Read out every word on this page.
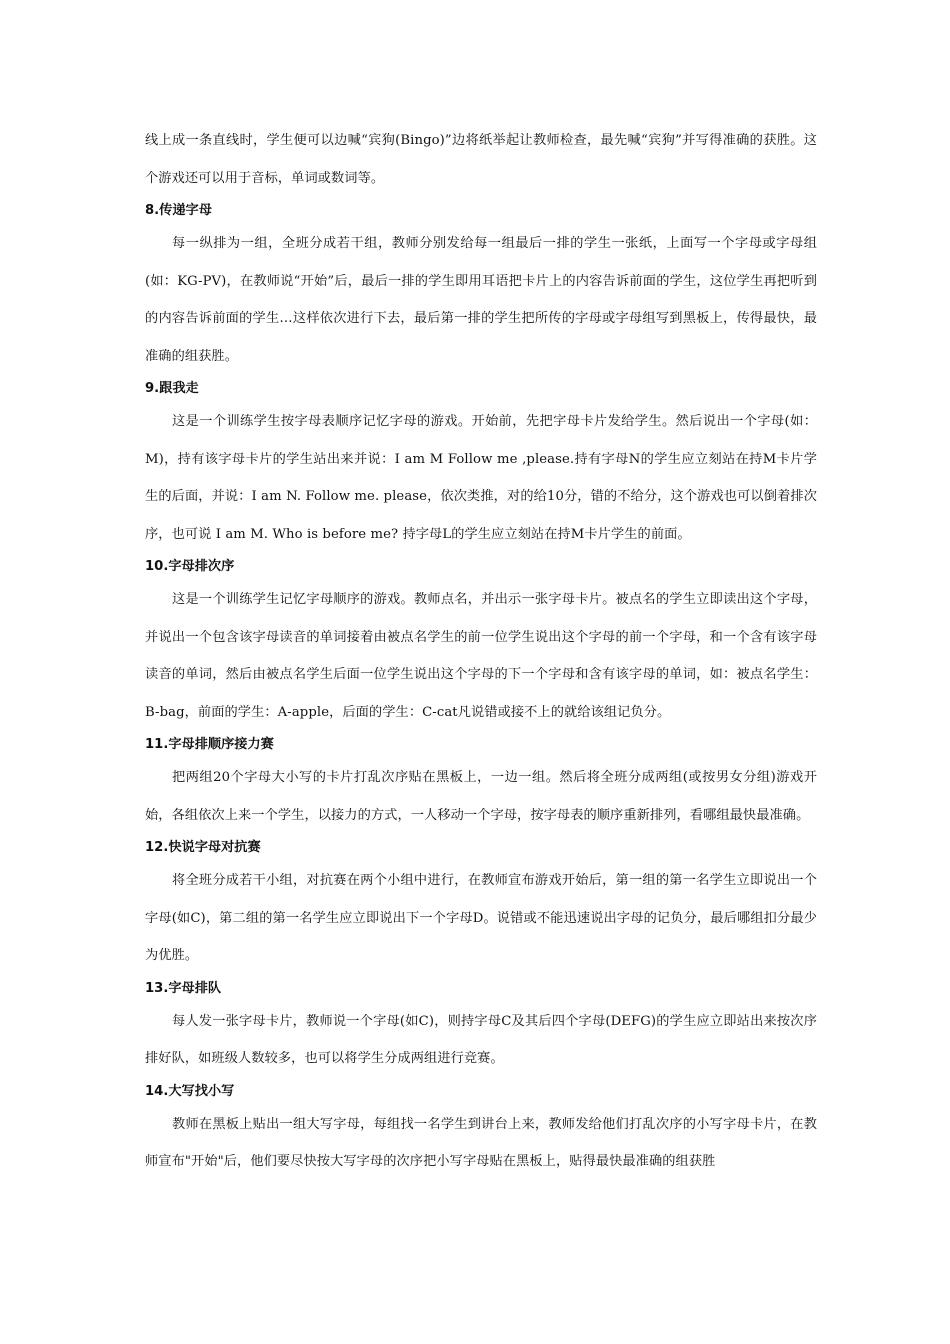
线上成一条直线时，学生便可以边喊“宾狗(Bingo)”边将纸举起让教师检查，最先喊“宾狗”并写得准确的获胜。这个游戏还可以用于音标，单词或数词等。

8.传递字母

每一纵排为一组，全班分成若干组，教师分别发给每一组最后一排的学生一张纸，上面写一个字母或字母组(如：KG-PV)，在教师说“开始”后，最后一排的学生即用耳语把卡片上的内容告诉前面的学生，这位学生再把听到的内容告诉前面的学生…这样依次进行下去，最后第一排的学生把所传的字母或字母组写到黑板上，传得最快，最准确的组获胜。

9.跟我走

这是一个训练学生按字母表顺序记忆字母的游戏。开始前，先把字母卡片发给学生。然后说出一个字母(如：M)，持有该字母卡片的学生站出来并说：I am M Follow me ,please.持有字母N的学生应立刻站在持M卡片学生的后面，并说：I am N. Follow me. please，依次类推，对的给10分，错的不给分，这个游戏也可以倒着排次序，也可说 I am M. Who is before me? 持字母L的学生应立刻站在持M卡片学生的前面。

10.字母排次序

这是一个训练学生记忆字母顺序的游戏。教师点名，并出示一张字母卡片。被点名的学生立即读出这个字母，并说出一个包含该字母读音的单词接着由被点名学生的前一位学生说出这个字母的前一个字母，和一个含有该字母读音的单词，然后由被点名学生后面一位学生说出这个字母的下一个字母和含有该字母的单词，如：被点名学生：B-bag，前面的学生：A-apple，后面的学生：C-cat凡说错或接不上的就给该组记负分。

11.字母排顺序接力赛

把两组20个字母大小写的卡片打乱次序贴在黑板上，一边一组。然后将全班分成两组(或按男女分组)游戏开始，各组依次上来一个学生，以接力的方式，一人移动一个字母，按字母表的顺序重新排列，看哪组最快最准确。

12.快说字母对抗赛

将全班分成若干小组，对抗赛在两个小组中进行，在教师宣布游戏开始后，第一组的第一名学生立即说出一个字母(如C)，第二组的第一名学生应立即说出下一个字母D。说错或不能迅速说出字母的记负分，最后哪组扣分最少为优胜。

13.字母排队

每人发一张字母卡片，教师说一个字母(如C)，则持字母C及其后四个字母(DEFG)的学生应立即站出来按次序排好队，如班级人数较多，也可以将学生分成两组进行竞赛。

14.大写找小写

教师在黑板上贴出一组大写字母，每组找一名学生到讲台上来，教师发给他们打乱次序的小写字母卡片，在教师宣布"开始"后，他们要尽快按大写字母的次序把小写字母贴在黑板上，贴得最快最准确的组获胜
